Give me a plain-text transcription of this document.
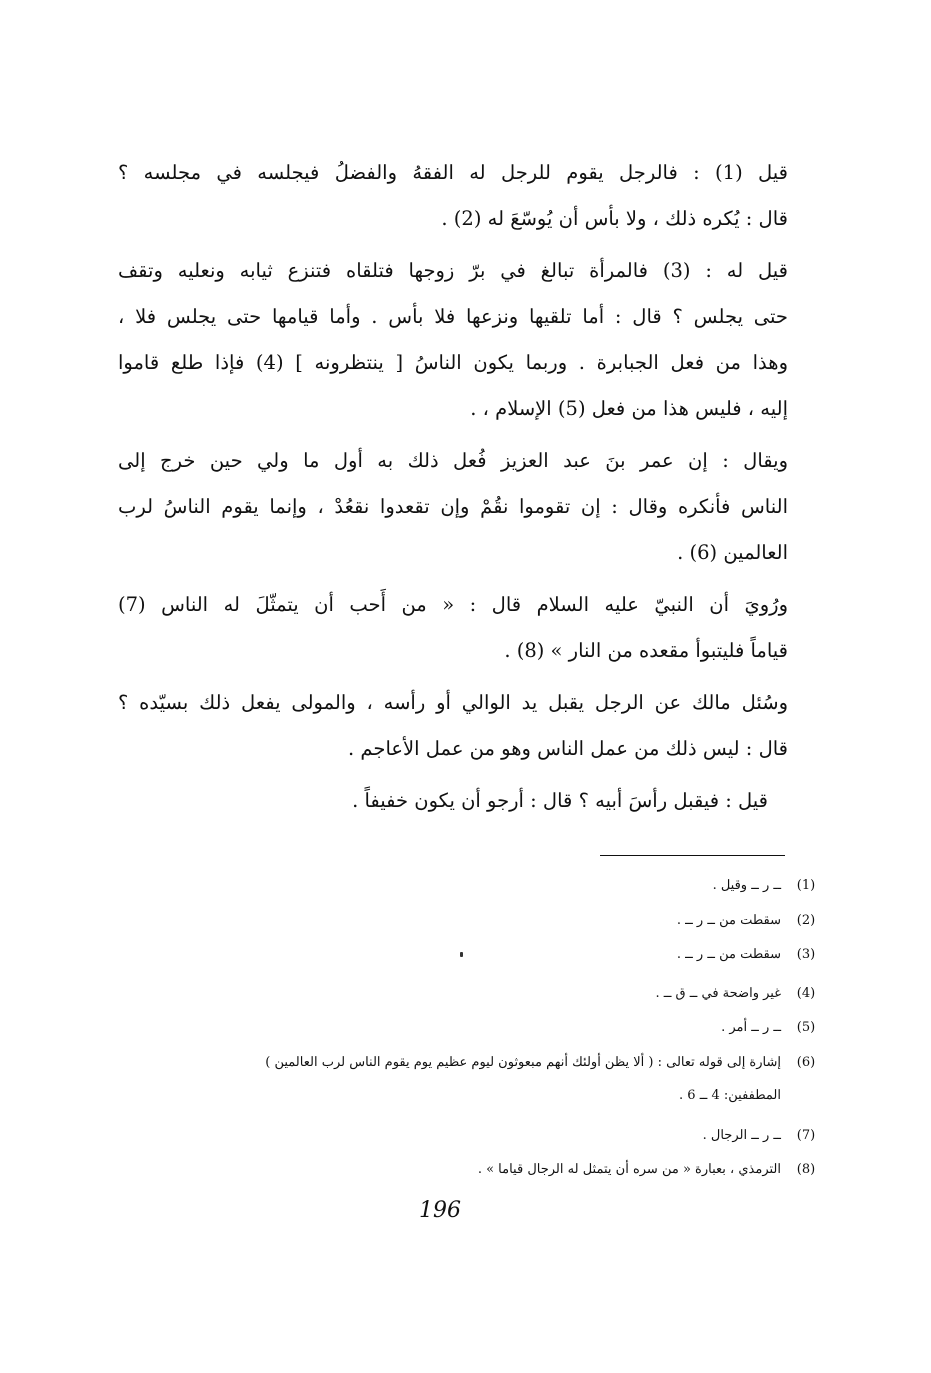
قيل (1) : فالرجل يقوم للرجل له الفقهُ والفضلُ فيجلسه في مجلسه ؟
قال : يُكره ذلك ، ولا بأس أن يُوسّعَ له (2) .
قيل له : (3) فالمرأة تبالغ في برّ زوجها فتلقاه فتنزع ثيابه ونعليه وتقف
حتى يجلس ؟ قال : أما تلقيها ونزعها فلا بأس . وأما قيامها حتى يجلس فلا ،
وهذا من فعل الجبابرة . وربما يكون الناسُ [ ينتظرونه ] (4) فإذا طلع قاموا
إليه ، فليس هذا من فعل (5) الإسلام ، .
ويقال : إن عمر بنَ عبد العزيز فُعل ذلك به أول ما ولي حين خرج إلى
الناس فأنكره وقال : إن تقوموا نقُمْ وإن تقعدوا نقعُدْ ، وإنما يقوم الناسُ لرب
العالمين (6) .
ورُويَ أن النبيّ عليه السلام قال : « من أَحب أن يتمثّلَ له الناس (7)
قياماً فليتبوأ مقعده من النار » (8) .
وسُئل مالك عن الرجل يقبل يد الوالي أو رأسه ، والمولى يفعل ذلك بسيّده ؟
قال : ليس ذلك من عمل الناس وهو من عمل الأعاجم .
قيل : فيقبل رأسَ أبيه ؟ قال : أرجو أن يكون خفيفاً .
(1)
ــ ر ــ وقيل .
(2)
سقطت من ــ ر ــ .
(3)
سقطت من ــ ر ــ .
(4)
غير واضحة في ــ ق ــ .
(5)
ــ ر ــ أمر .
(6)
إشارة إلى قوله تعالى : ( ألا يظن أولئك أنهم مبعوثون ليوم عظيم يوم يقوم الناس لرب العالمين )
المطففين: 4 ــ 6 .
(7)
ــ ر ــ الرجال .
(8)
الترمذي ، بعبارة « من سره أن يتمثل له الرجال قياما » .
196
